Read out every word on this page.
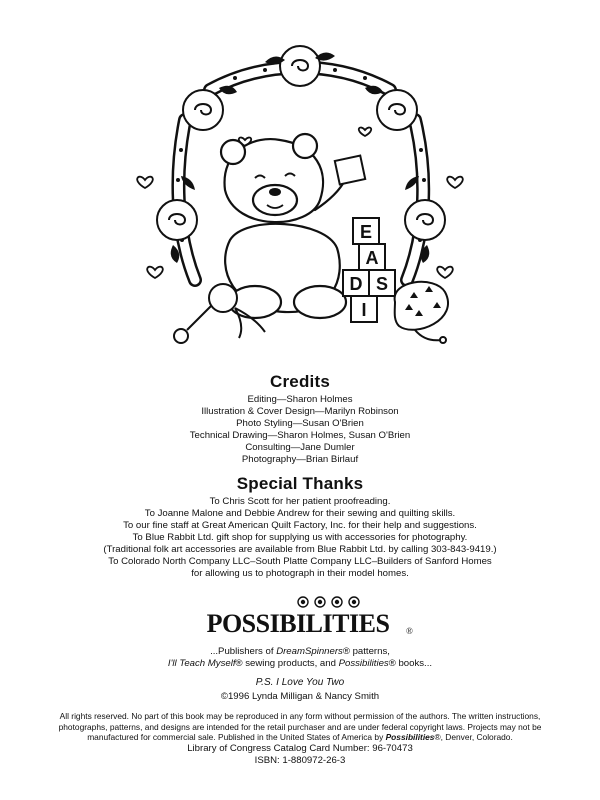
E
A
D S
I
Credits
Editing—Sharon Holmes
Illustration & Cover Design—Marilyn Robinson
Photo Styling—Susan O'Brien
Technical Drawing—Sharon Holmes, Susan O'Brien
Consulting—Jane Dumler
Photography—Brian Birlauf
Special Thanks
To Chris Scott for her patient proofreading.
To Joanne Malone and Debbie Andrew for their sewing and quilting skills.
To our fine staff at Great American Quilt Factory, Inc. for their help and suggestions.
To Blue Rabbit Ltd. gift shop for supplying us with accessories for photography.
(Traditional folk art accessories are available from Blue Rabbit Ltd. by calling 303-843-9419.)
To Colorado North Company LLC–South Platte Company LLC–Builders of Sanford Homes
for allowing us to photograph in their model homes.
POSSIBILITIES ®
...Publishers of DreamSpinners® patterns,
I'll Teach Myself® sewing products, and Possibilities® books...
P.S. I Love You Two
©1996 Lynda Milligan & Nancy Smith
All rights reserved. No part of this book may be reproduced in any form without permission of the authors. The written instructions,
photographs, patterns, and designs are intended for the retail purchaser and are under federal copyright laws. Projects may not be
manufactured for commercial sale. Published in the United States of America by Possibilities®, Denver, Colorado.
Library of Congress Catalog Card Number: 96-70473
ISBN: 1-880972-26-3
